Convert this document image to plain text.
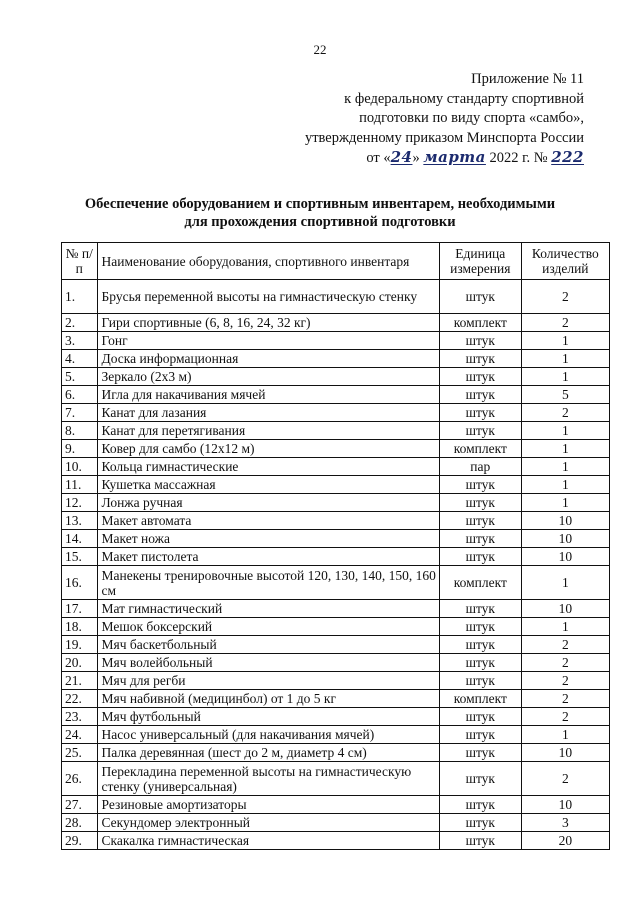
22
Приложение № 11
к федеральному стандарту спортивной
подготовки по виду спорта «самбо»,
утвержденному приказом Минспорта России
от «24» марта 2022 г. № 222
Обеспечение оборудованием и спортивным инвентарем, необходимыми
для прохождения спортивной подготовки
№ п/п	Наименование оборудования, спортивного инвентаря	Единица измерения	Количество изделий
1.	Брусья переменной высоты на гимнастическую стенку	штук	2
2.	Гири спортивные (6, 8, 16, 24, 32 кг)	комплект	2
3.	Гонг	штук	1
4.	Доска информационная	штук	1
5.	Зеркало (2х3 м)	штук	1
6.	Игла для накачивания мячей	штук	5
7.	Канат для лазания	штук	2
8.	Канат для перетягивания	штук	1
9.	Ковер для самбо (12х12 м)	комплект	1
10.	Кольца гимнастические	пар	1
11.	Кушетка массажная	штук	1
12.	Лонжа ручная	штук	1
13.	Макет автомата	штук	10
14.	Макет ножа	штук	10
15.	Макет пистолета	штук	10
16.	Манекены тренировочные высотой 120, 130, 140, 150, 160 см	комплект	1
17.	Мат гимнастический	штук	10
18.	Мешок боксерский	штук	1
19.	Мяч баскетбольный	штук	2
20.	Мяч волейбольный	штук	2
21.	Мяч для регби	штук	2
22.	Мяч набивной (медицинбол) от 1 до 5 кг	комплект	2
23.	Мяч футбольный	штук	2
24.	Насос универсальный (для накачивания мячей)	штук	1
25.	Палка деревянная (шест до 2 м, диаметр 4 см)	штук	10
26.	Перекладина переменной высоты на гимнастическую стенку (универсальная)	штук	2
27.	Резиновые амортизаторы	штук	10
28.	Секундомер электронный	штук	3
29.	Скакалка гимнастическая	штук	20
